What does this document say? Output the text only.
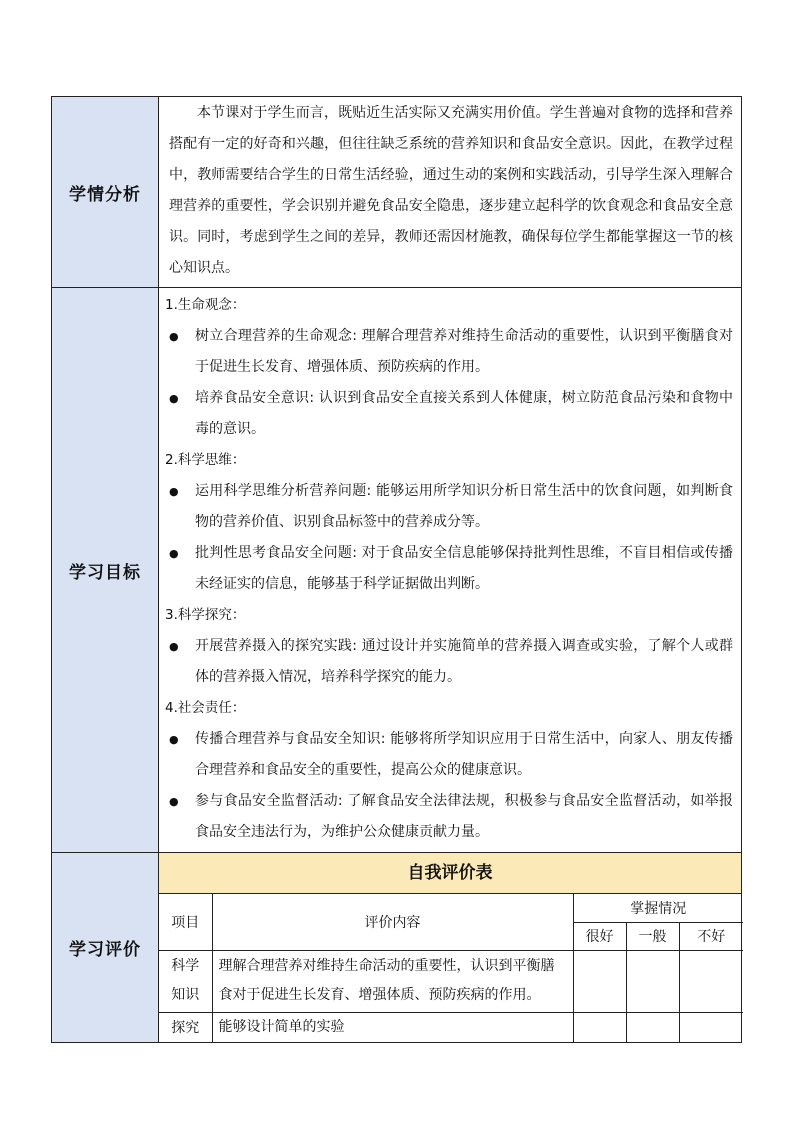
学情分析	
本节课对于学生而言，既贴近生活实际又充满实用价值。学生普遍对食物的选择和营养搭配有一定的好奇和兴趣，但往往缺乏系统的营养知识和食品安全意识。因此，在教学过程中，教师需要结合学生的日常生活经验，通过生动的案例和实践活动，引导学生深入理解合理营养的重要性，学会识别并避免食品安全隐患，逐步建立起科学的饮食观念和食品安全意识。同时，考虑到学生之间的差异，教师还需因材施教，确保每位学生都能掌握这一节的核心知识点。

学习目标	
1.生命观念：
●	树立合理营养的生命观念: 理解合理营养对维持生命活动的重要性，认识到平衡膳食对于促进生长发育、增强体质、预防疾病的作用。
●	培养食品安全意识: 认识到食品安全直接关系到人体健康，树立防范食品污染和食物中毒的意识。
2.科学思维：
●	运用科学思维分析营养问题: 能够运用所学知识分析日常生活中的饮食问题，如判断食物的营养价值、识别食品标签中的营养成分等。
●	批判性思考食品安全问题: 对于食品安全信息能够保持批判性思维，不盲目相信或传播未经证实的信息，能够基于科学证据做出判断。
3.科学探究：
●	开展营养摄入的探究实践: 通过设计并实施简单的营养摄入调查或实验，了解个人或群体的营养摄入情况，培养科学探究的能力。
4.社会责任：
●	传播合理营养与食品安全知识: 能够将所学知识应用于日常生活中，向家人、朋友传播合理营养和食品安全的重要性，提高公众的健康意识。
●	参与食品安全监督活动: 了解食品安全法律法规，积极参与食品安全监督活动，如举报食品安全违法行为，为维护公众健康贡献力量。

学习评价	
自我评价表
项目	评价内容	掌握情况
很好	一般	不好
科学知识	理解合理营养对维持生命活动的重要性，认识到平衡膳食对于促进生长发育、增强体质、预防疾病的作用。			
探究	能够设计简单的实验			
